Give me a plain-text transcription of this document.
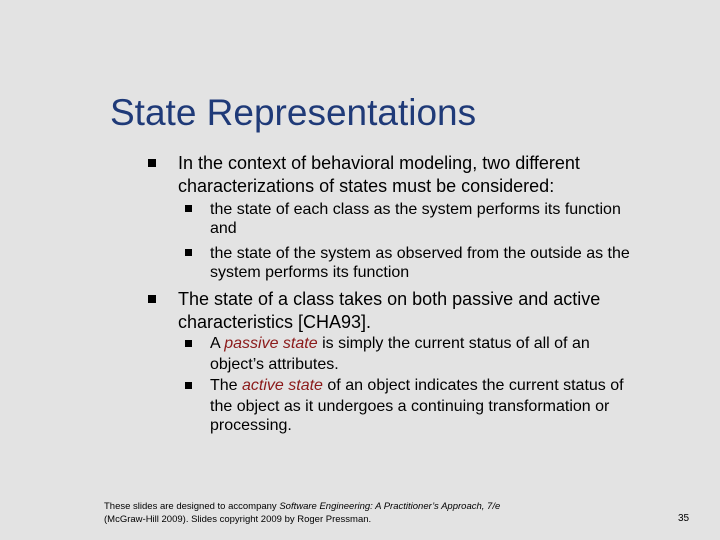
State Representations
In the context of behavioral modeling, two different
characterizations of states must be considered:
the state of each class as the system performs its function
and
the state of the system as observed from the outside as the
system performs its function
The state of a class takes on both passive and active
characteristics [CHA93].
A passive state is simply the current status of all of an
object’s attributes.
The active state of an object indicates the current status of
the object as it undergoes a continuing transformation or
processing.
These slides are designed to accompany Software Engineering: A Practitioner’s Approach, 7/e
(McGraw-Hill 2009). Slides copyright 2009 by Roger Pressman.	35
